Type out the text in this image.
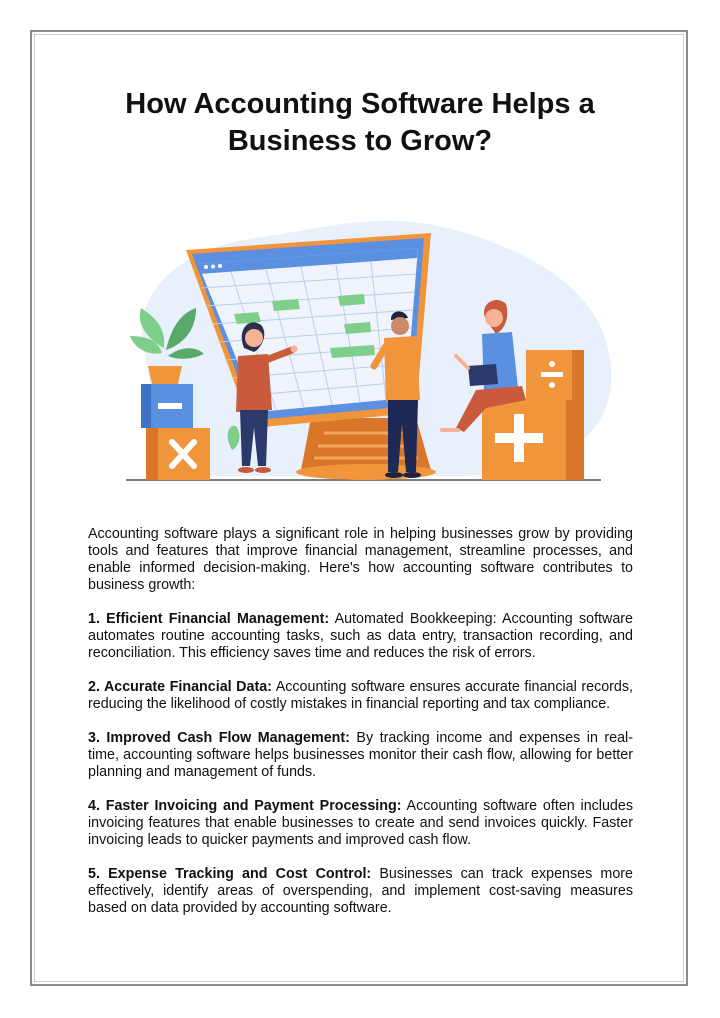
How Accounting Software Helps a
Business to Grow?

Accounting software plays a significant role in helping businesses grow by providing tools and features that improve financial management, streamline processes, and enable informed decision-making. Here's how accounting software contributes to business growth:

1. Efficient Financial Management: Automated Bookkeeping: Accounting software automates routine accounting tasks, such as data entry, transaction recording, and reconciliation. This efficiency saves time and reduces the risk of errors.

2. Accurate Financial Data: Accounting software ensures accurate financial records, reducing the likelihood of costly mistakes in financial reporting and tax compliance.

3. Improved Cash Flow Management: By tracking income and expenses in real-time, accounting software helps businesses monitor their cash flow, allowing for better planning and management of funds.

4. Faster Invoicing and Payment Processing: Accounting software often includes invoicing features that enable businesses to create and send invoices quickly. Faster invoicing leads to quicker payments and improved cash flow.

5. Expense Tracking and Cost Control: Businesses can track expenses more effectively, identify areas of overspending, and implement cost-saving measures based on data provided by accounting software.
